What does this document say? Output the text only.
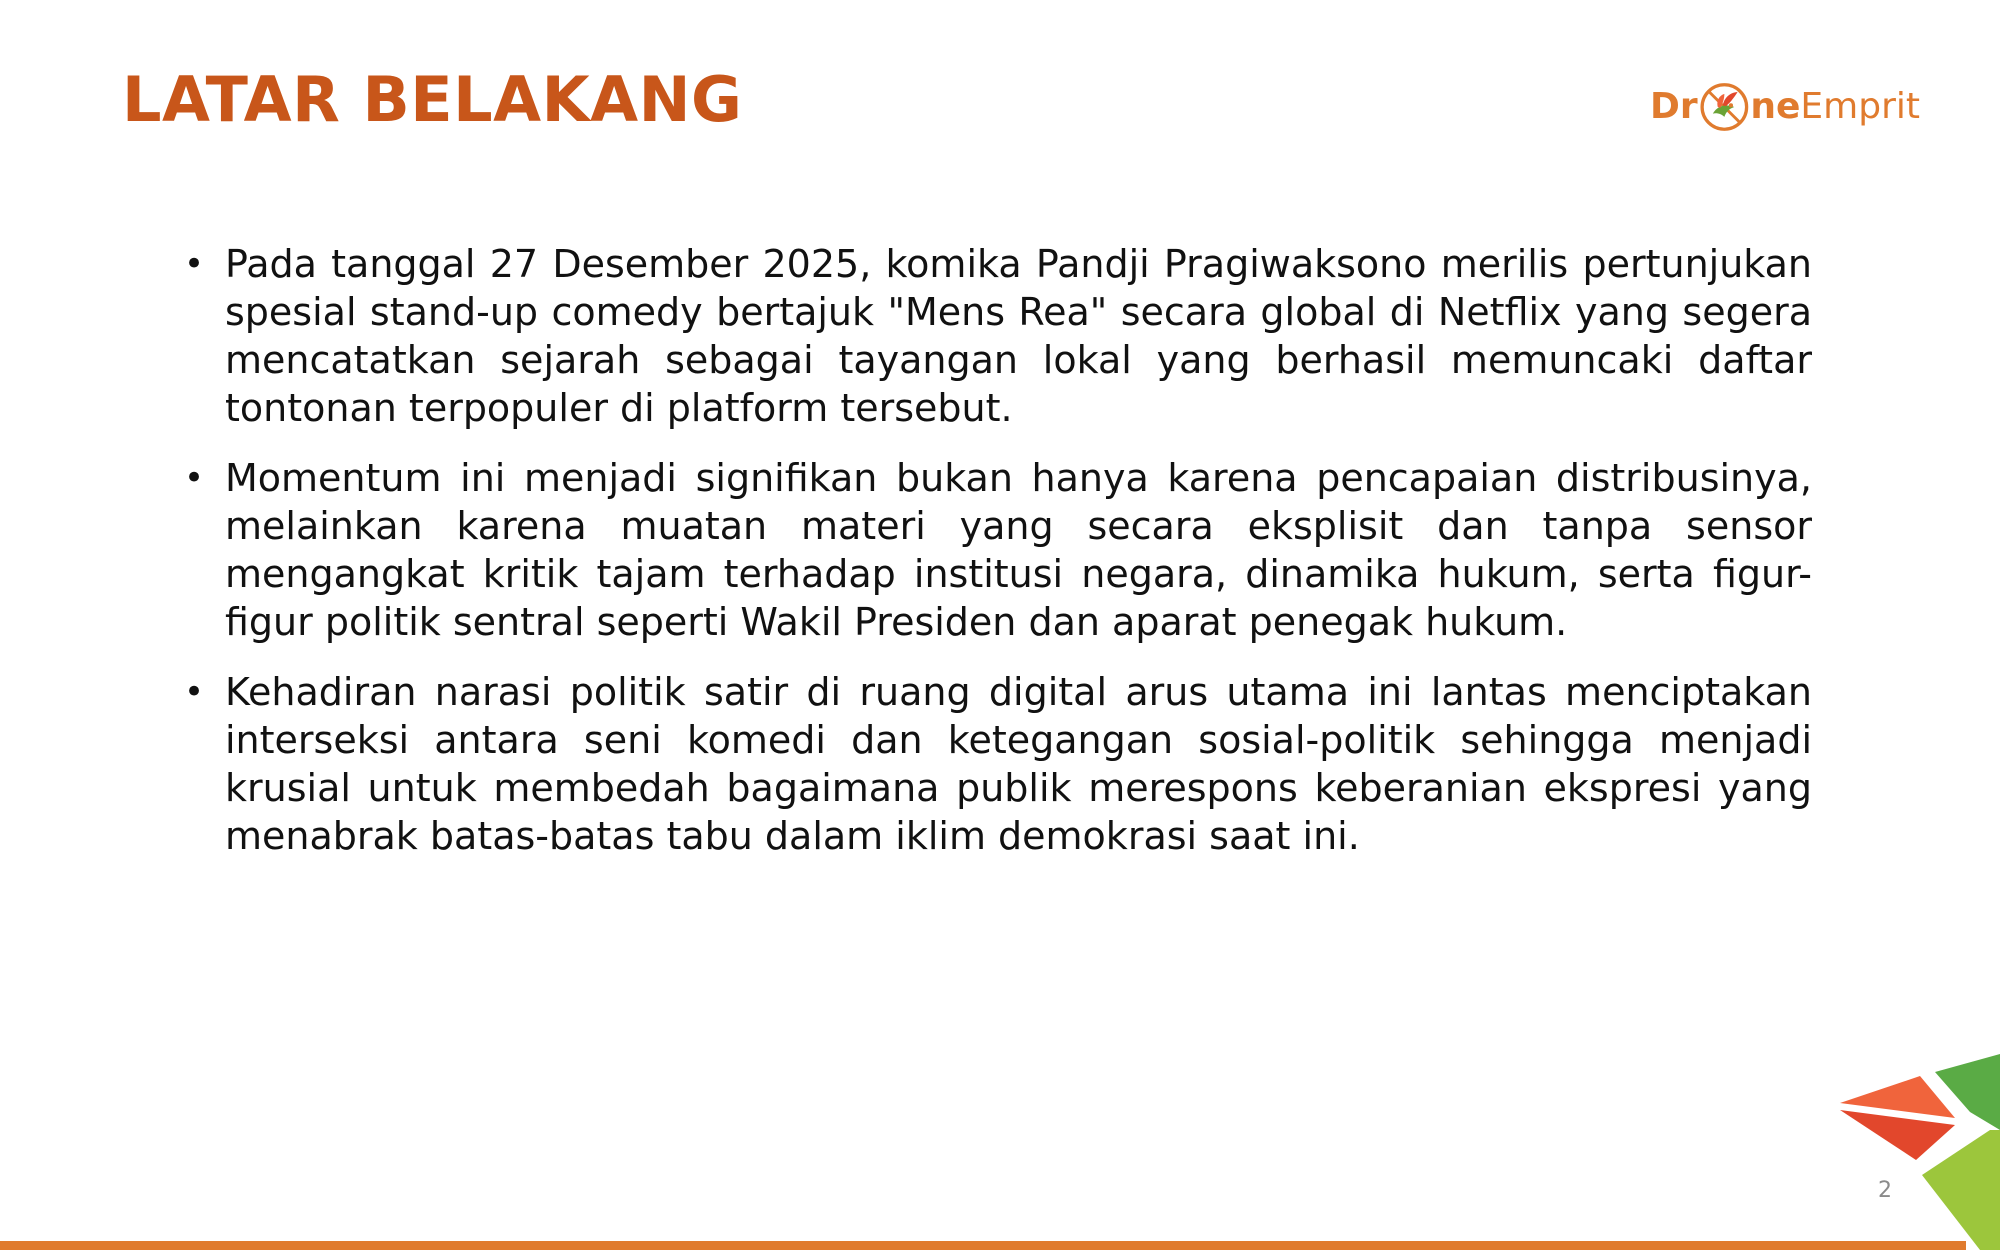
LATAR BELAKANG	Dr ne Emprit
• Pada tanggal 27 Desember 2025, komika Pandji Pragiwaksono merilis pertunjukan spesial stand-up comedy bertajuk "Mens Rea" secara global di Netflix yang segera mencatatkan sejarah sebagai tayangan lokal yang berhasil memuncaki daftar tontonan terpopuler di platform tersebut.
• Momentum ini menjadi signifikan bukan hanya karena pencapaian distribusinya, melainkan karena muatan materi yang secara eksplisit dan tanpa sensor mengangkat kritik tajam terhadap institusi negara, dinamika hukum, serta figur-figur politik sentral seperti Wakil Presiden dan aparat penegak hukum.
• Kehadiran narasi politik satir di ruang digital arus utama ini lantas menciptakan interseksi antara seni komedi dan ketegangan sosial-politik sehingga menjadi krusial untuk membedah bagaimana publik merespons keberanian ekspresi yang menabrak batas-batas tabu dalam iklim demokrasi saat ini.
2
